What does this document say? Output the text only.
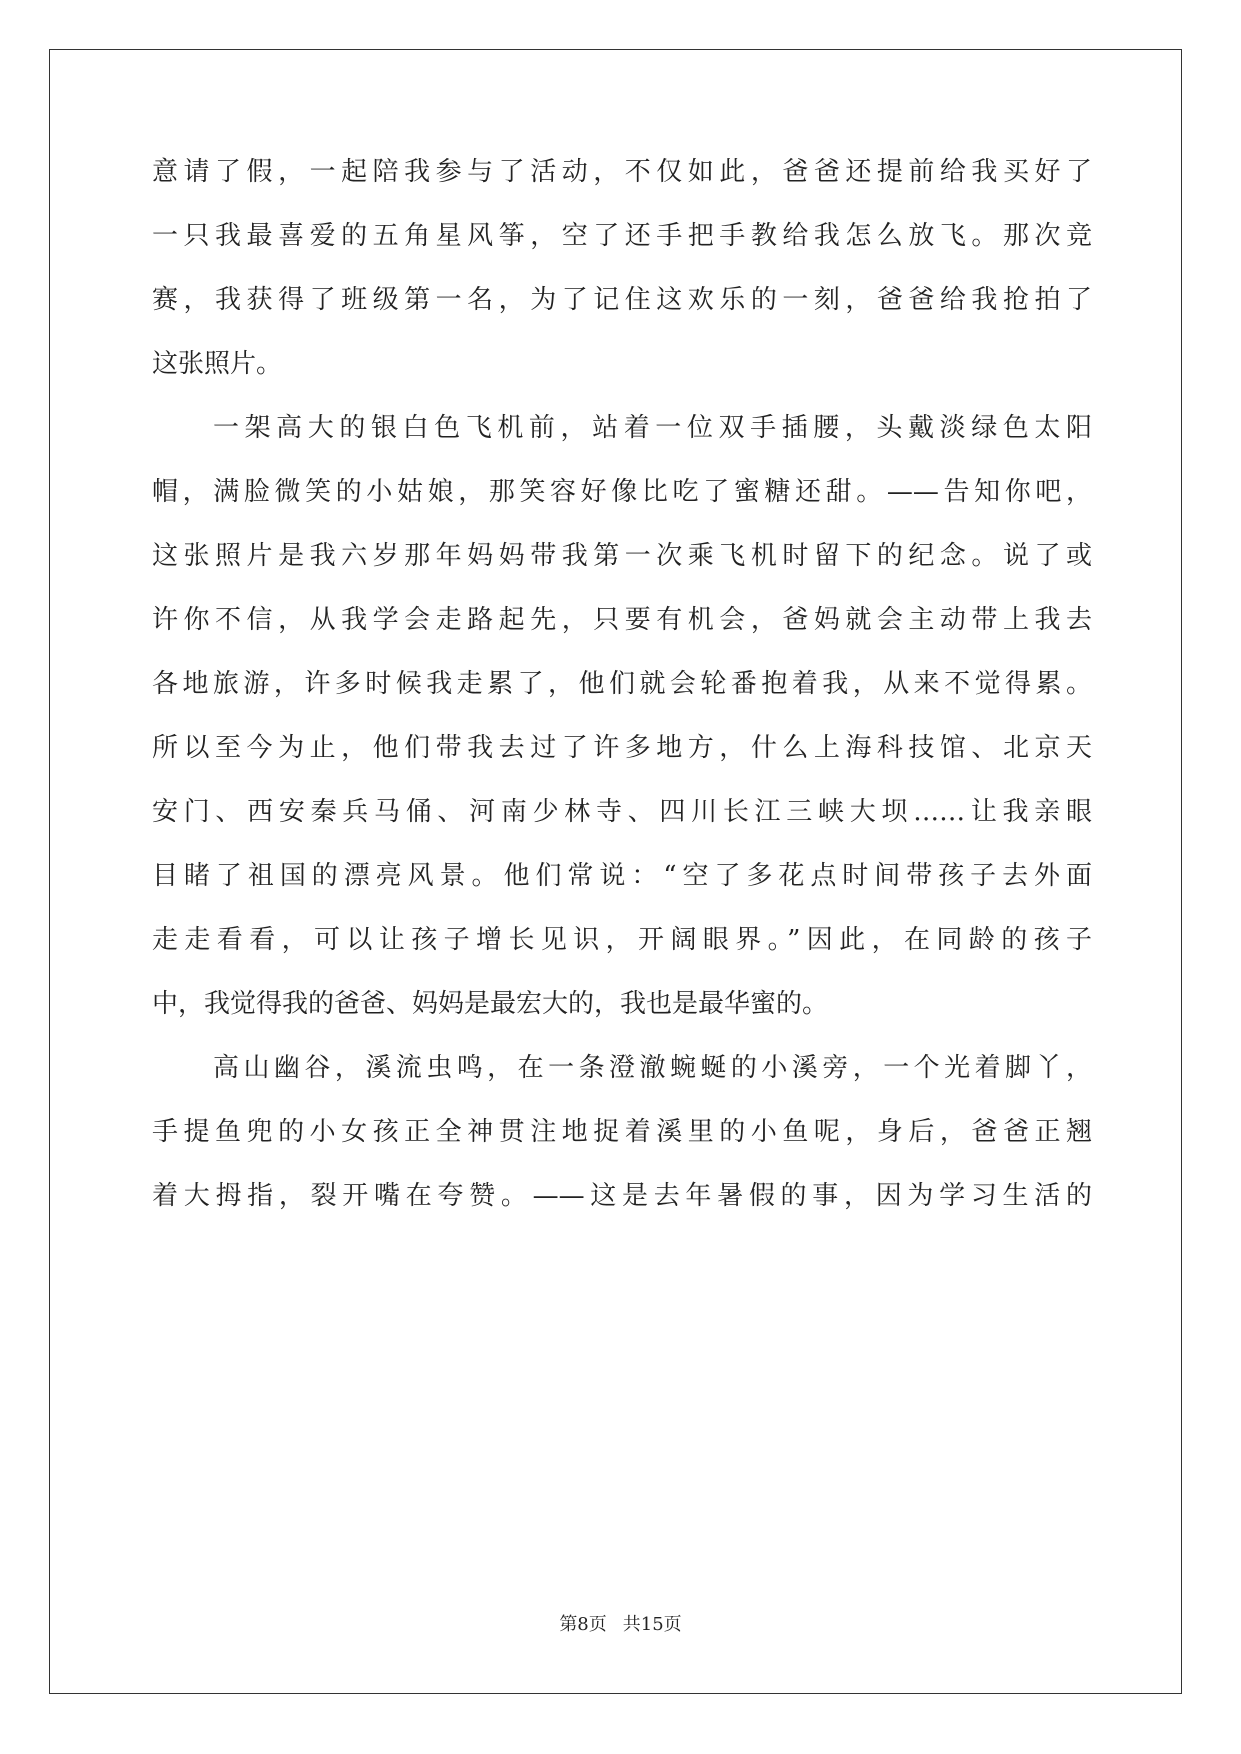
意请了假，一起陪我参与了活动，不仅如此，爸爸还提前给我买好了
一只我最喜爱的五角星风筝，空了还手把手教给我怎么放飞。那次竞
赛，我获得了班级第一名，为了记住这欢乐的一刻，爸爸给我抢拍了
这张照片。
一架高大的银白色飞机前，站着一位双手插腰，头戴淡绿色太阳
帽，满脸微笑的小姑娘，那笑容好像比吃了蜜糖还甜。——告知你吧，
这张照片是我六岁那年妈妈带我第一次乘飞机时留下的纪念。说了或
许你不信，从我学会走路起先，只要有机会，爸妈就会主动带上我去
各地旅游，许多时候我走累了，他们就会轮番抱着我，从来不觉得累。
所以至今为止，他们带我去过了许多地方，什么上海科技馆、北京天
安门、西安秦兵马俑、河南少林寺、四川长江三峡大坝……让我亲眼
目睹了祖国的漂亮风景。他们常说：“空了多花点时间带孩子去外面
走走看看，可以让孩子增长见识，开阔眼界。”因此，在同龄的孩子
中，我觉得我的爸爸、妈妈是最宏大的，我也是最华蜜的。
高山幽谷，溪流虫鸣，在一条澄澈蜿蜒的小溪旁，一个光着脚丫，
手提鱼兜的小女孩正全神贯注地捉着溪里的小鱼呢，身后，爸爸正翘
着大拇指，裂开嘴在夸赞。——这是去年暑假的事，因为学习生活的
第8页 共15页
